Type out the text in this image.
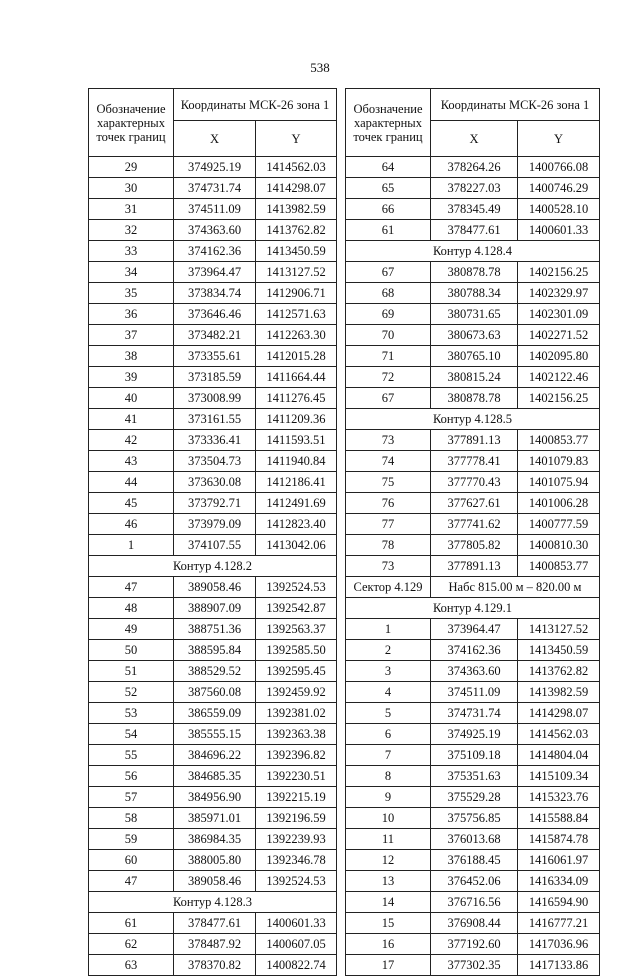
538
Обозначение характерных точек границ	Координаты МСК-26 зона 1	
	X	Y
29	374925.19	1414562.03
30	374731.74	1414298.07
31	374511.09	1413982.59
32	374363.60	1413762.82
33	374162.36	1413450.59
34	373964.47	1413127.52
35	373834.74	1412906.71
36	373646.46	1412571.63
37	373482.21	1412263.30
38	373355.61	1412015.28
39	373185.59	1411664.44
40	373008.99	1411276.45
41	373161.55	1411209.36
42	373336.41	1411593.51
43	373504.73	1411940.84
44	373630.08	1412186.41
45	373792.71	1412491.69
46	373979.09	1412823.40
1	374107.55	1413042.06
Контур 4.128.2		
47	389058.46	1392524.53
48	388907.09	1392542.87
49	388751.36	1392563.37
50	388595.84	1392585.50
51	388529.52	1392595.45
52	387560.08	1392459.92
53	386559.09	1392381.02
54	385555.15	1392363.38
55	384696.22	1392396.82
56	384685.35	1392230.51
57	384956.90	1392215.19
58	385971.01	1392196.59
59	386984.35	1392239.93
60	388005.80	1392346.78
47	389058.46	1392524.53
Контур 4.128.3		
61	378477.61	1400601.33
62	378487.92	1400607.05
63	378370.82	1400822.74
Обозначение характерных точек границ	Координаты МСК-26 зона 1	
	X	Y
64	378264.26	1400766.08
65	378227.03	1400746.29
66	378345.49	1400528.10
61	378477.61	1400601.33
Контур 4.128.4		
67	380878.78	1402156.25
68	380788.34	1402329.97
69	380731.65	1402301.09
70	380673.63	1402271.52
71	380765.10	1402095.80
72	380815.24	1402122.46
67	380878.78	1402156.25
Контур 4.128.5		
73	377891.13	1400853.77
74	377778.41	1401079.83
75	377770.43	1401075.94
76	377627.61	1401006.28
77	377741.62	1400777.59
78	377805.82	1400810.30
73	377891.13	1400853.77
Сектор 4.129	Набс 815.00 м – 820.00 м	
Контур 4.129.1		
1	373964.47	1413127.52
2	374162.36	1413450.59
3	374363.60	1413762.82
4	374511.09	1413982.59
5	374731.74	1414298.07
6	374925.19	1414562.03
7	375109.18	1414804.04
8	375351.63	1415109.34
9	375529.28	1415323.76
10	375756.85	1415588.84
11	376013.68	1415874.78
12	376188.45	1416061.97
13	376452.06	1416334.09
14	376716.56	1416594.90
15	376908.44	1416777.21
16	377192.60	1417036.96
17	377302.35	1417133.86
